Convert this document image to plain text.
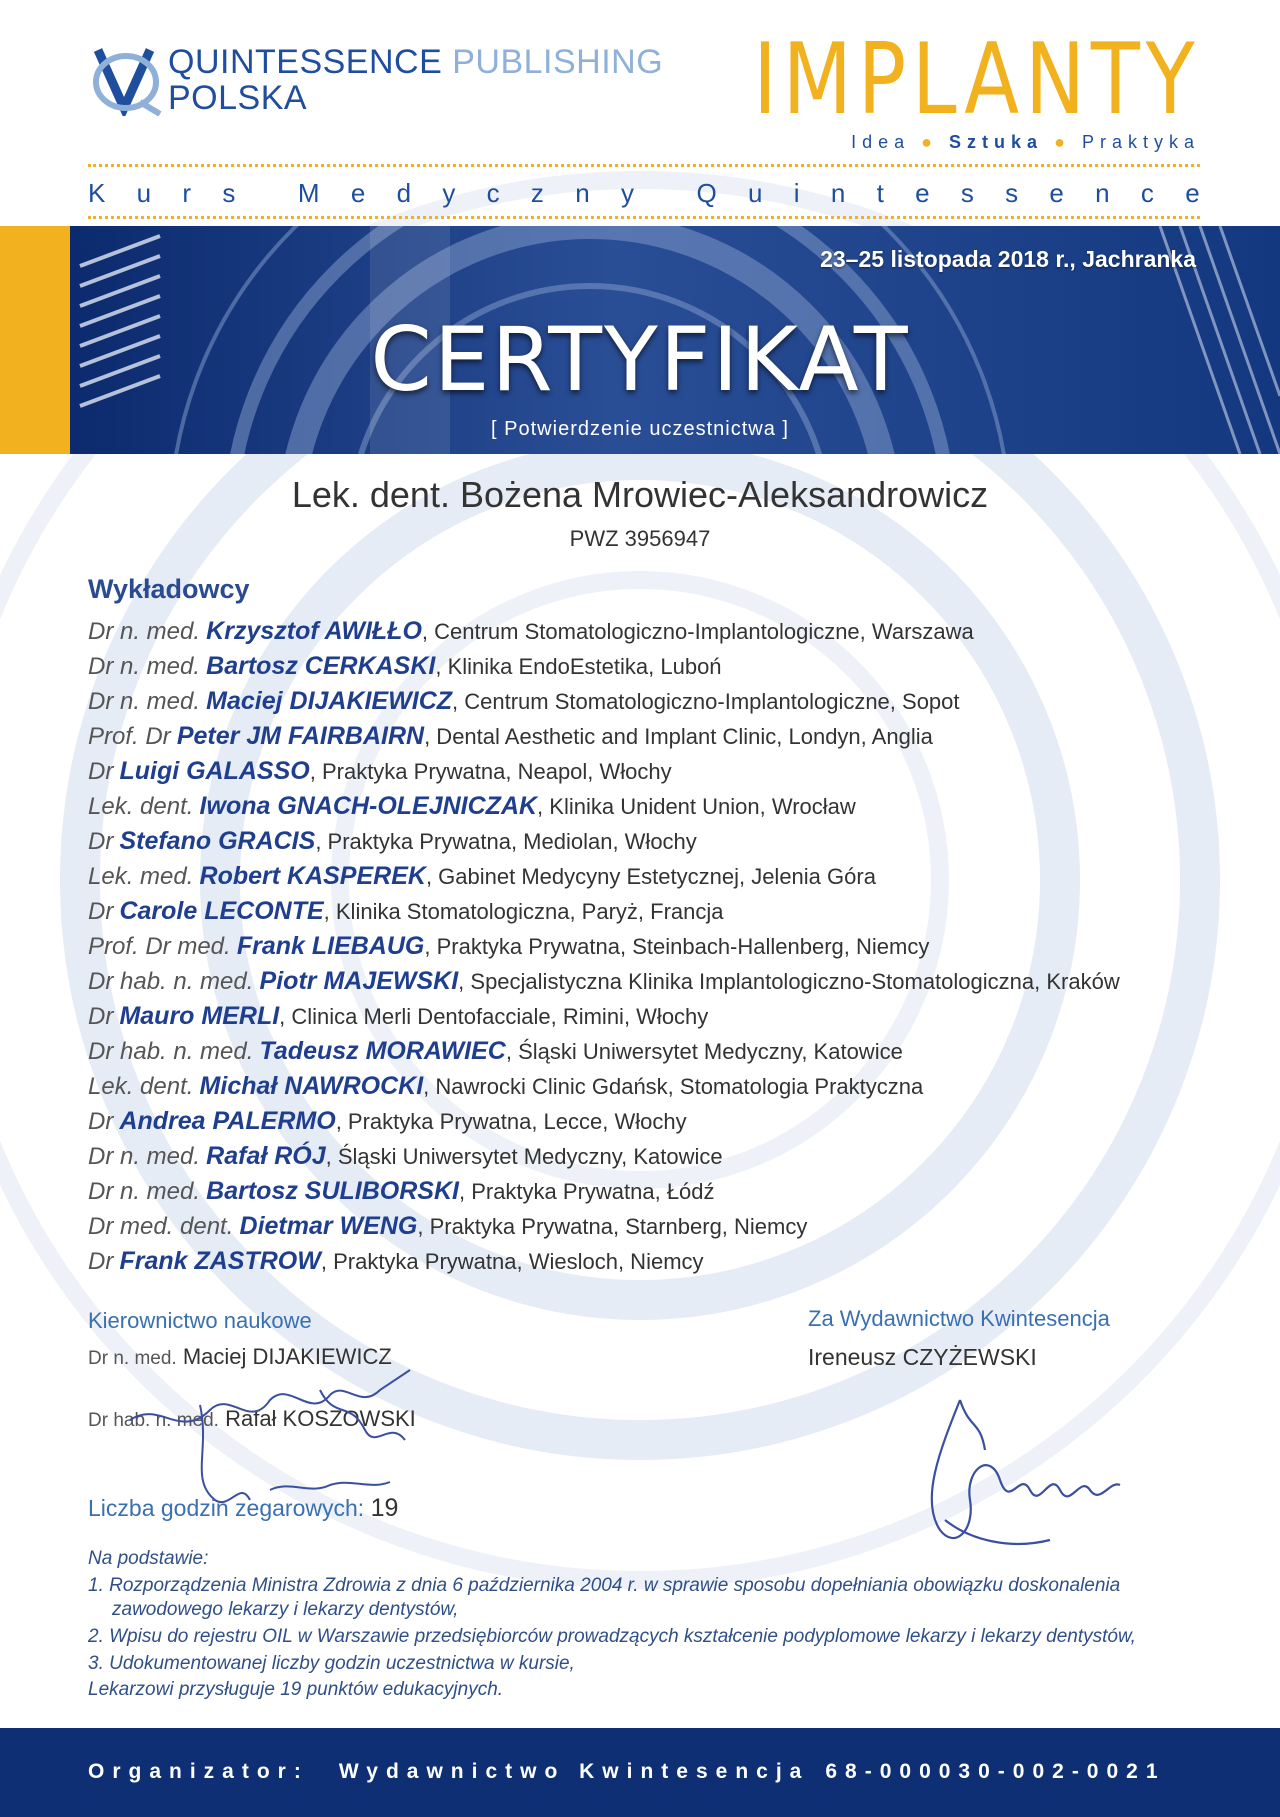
QUINTESSENCE PUBLISHING
POLSKA	IMPLANTY
Idea ● Sztuka ● Praktyka
K u r s M e d y c z n y Q u i n t e s s e n c e
23–25 listopada 2018 r., Jachranka
CERTYFIKAT
[ Potwierdzenie uczestnictwa ]
Lek. dent. Bożena Mrowiec-Aleksandrowicz
PWZ 3956947
Wykładowcy
Dr n. med. Krzysztof AWIŁŁO, Centrum Stomatologiczno-Implantologiczne, Warszawa
Dr n. med. Bartosz CERKASKI, Klinika EndoEstetika, Luboń
Dr n. med. Maciej DIJAKIEWICZ, Centrum Stomatologiczno-Implantologiczne, Sopot
Prof. Dr Peter JM FAIRBAIRN, Dental Aesthetic and Implant Clinic, Londyn, Anglia
Dr Luigi GALASSO, Praktyka Prywatna, Neapol, Włochy
Lek. dent. Iwona GNACH-OLEJNICZAK, Klinika Unident Union, Wrocław
Dr Stefano GRACIS, Praktyka Prywatna, Mediolan, Włochy
Lek. med. Robert KASPEREK, Gabinet Medycyny Estetycznej, Jelenia Góra
Dr Carole LECONTE, Klinika Stomatologiczna, Paryż, Francja
Prof. Dr med. Frank LIEBAUG, Praktyka Prywatna, Steinbach-Hallenberg, Niemcy
Dr hab. n. med. Piotr MAJEWSKI, Specjalistyczna Klinika Implantologiczno-Stomatologiczna, Kraków
Dr Mauro MERLI, Clinica Merli Dentofacciale, Rimini, Włochy
Dr hab. n. med. Tadeusz MORAWIEC, Śląski Uniwersytet Medyczny, Katowice
Lek. dent. Michał NAWROCKI, Nawrocki Clinic Gdańsk, Stomatologia Praktyczna
Dr Andrea PALERMO, Praktyka Prywatna, Lecce, Włochy
Dr n. med. Rafał RÓJ, Śląski Uniwersytet Medyczny, Katowice
Dr n. med. Bartosz SULIBORSKI, Praktyka Prywatna, Łódź
Dr med. dent. Dietmar WENG, Praktyka Prywatna, Starnberg, Niemcy
Dr Frank ZASTROW, Praktyka Prywatna, Wiesloch, Niemcy
Kierownictwo naukowe
Dr n. med. Maciej DIJAKIEWICZ
Dr hab. n. med. Rafał KOSZOWSKI
Za Wydawnictwo Kwintesencja
Ireneusz CZYŻEWSKI
Liczba godzin zegarowych: 19
Na podstawie:
1. Rozporządzenia Ministra Zdrowia z dnia 6 października 2004 r. w sprawie sposobu dopełniania obowiązku doskonalenia zawodowego lekarzy i lekarzy dentystów,
2. Wpisu do rejestru OIL w Warszawie przedsiębiorców prowadzących kształcenie podyplomowe lekarzy i lekarzy dentystów,
3. Udokumentowanej liczby godzin uczestnictwa w kursie,
Lekarzowi przysługuje 19 punktów edukacyjnych.
Organizator: Wydawnictwo Kwintesencja 68-000030-002-0021
